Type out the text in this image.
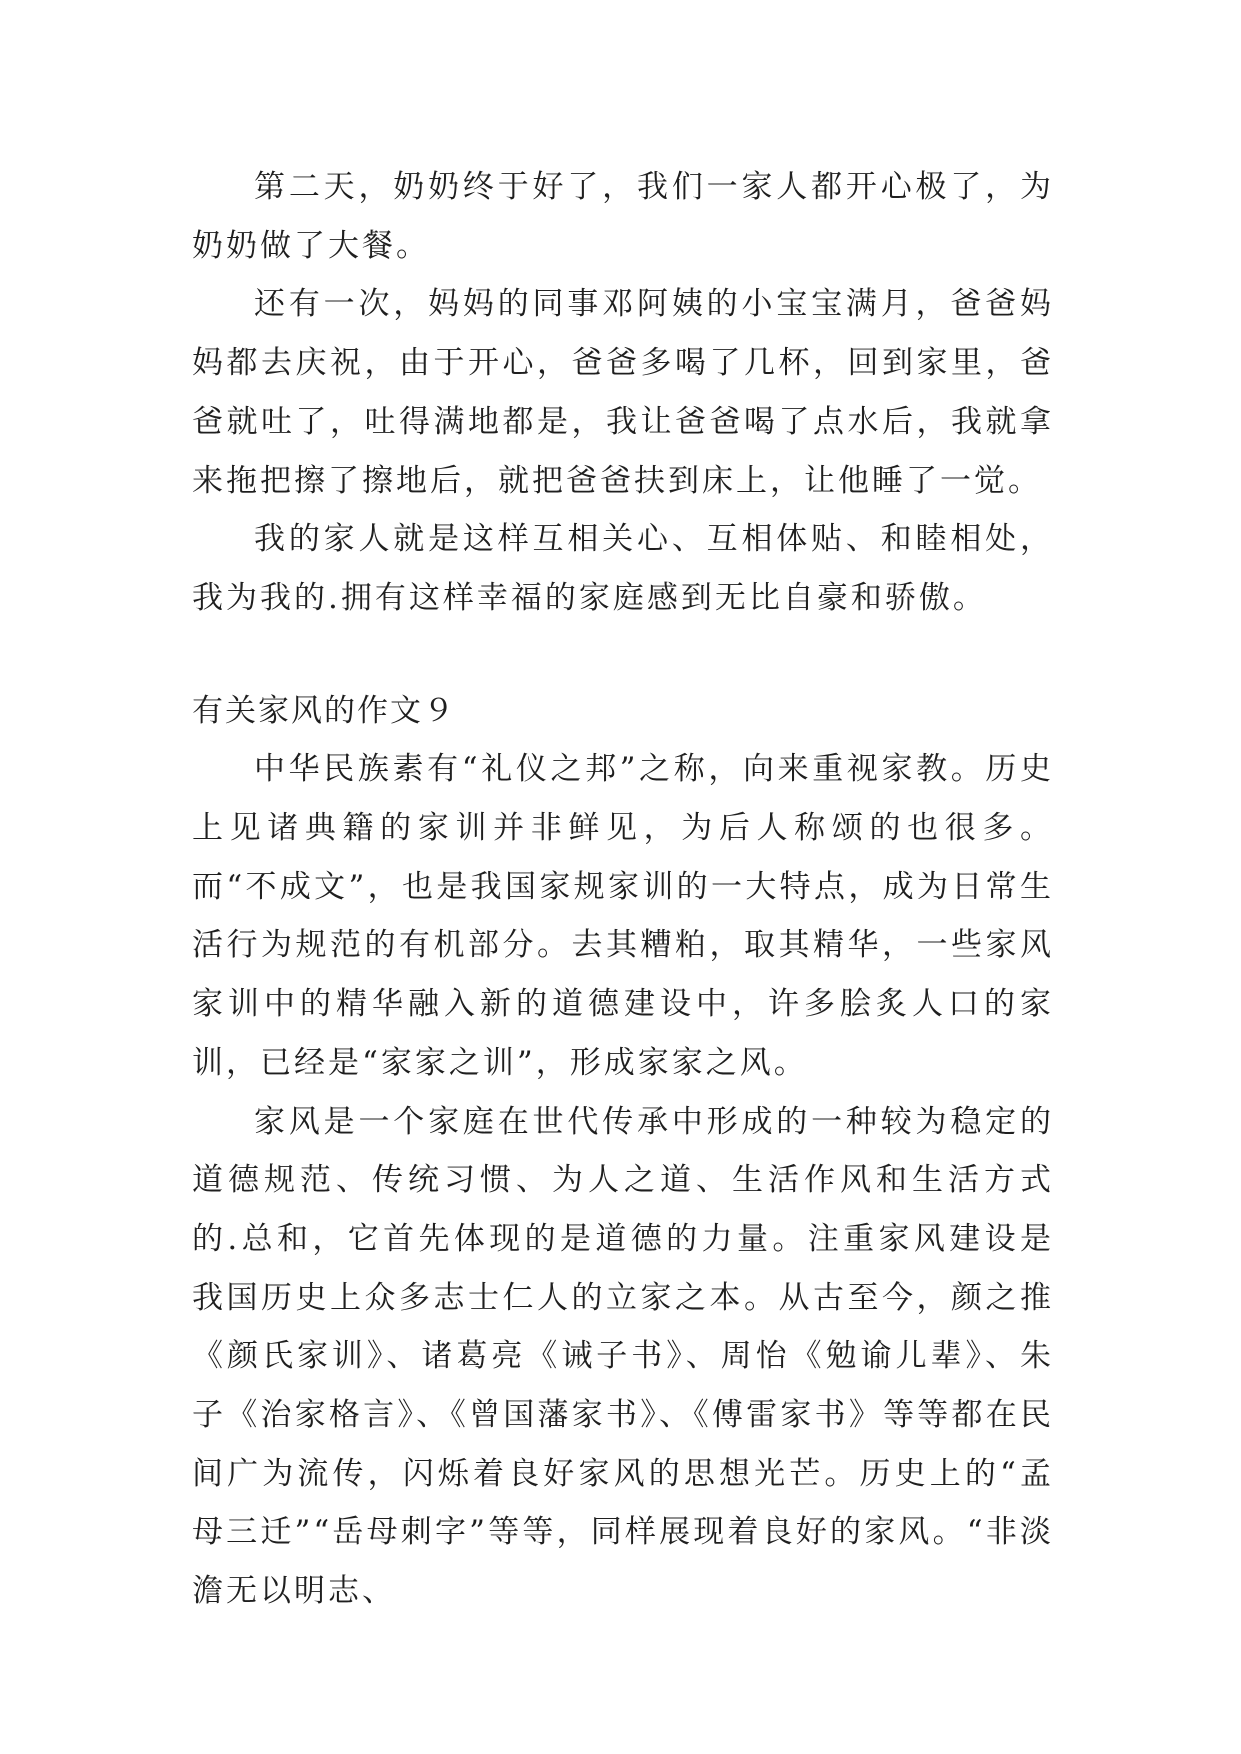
第二天，奶奶终于好了，我们一家人都开心极了，为奶奶做了大餐。

还有一次，妈妈的同事邓阿姨的小宝宝满月，爸爸妈妈都去庆祝，由于开心，爸爸多喝了几杯，回到家里，爸爸就吐了，吐得满地都是，我让爸爸喝了点水后，我就拿来拖把擦了擦地后，就把爸爸扶到床上，让他睡了一觉。

我的家人就是这样互相关心、互相体贴、和睦相处，我为我的.拥有这样幸福的家庭感到无比自豪和骄傲。

有关家风的作文９

中华民族素有“礼仪之邦”之称，向来重视家教。历史上见诸典籍的家训并非鲜见，为后人称颂的也很多。而“不成文”，也是我国家规家训的一大特点，成为日常生活行为规范的有机部分。去其糟粕，取其精华，一些家风家训中的精华融入新的道德建设中，许多脍炙人口的家训，已经是“家家之训”，形成家家之风。

家风是一个家庭在世代传承中形成的一种较为稳定的道德规范、传统习惯、为人之道、生活作风和生活方式的.总和，它首先体现的是道德的力量。注重家风建设是我国历史上众多志士仁人的立家之本。从古至今，颜之推《颜氏家训》、诸葛亮《诫子书》、周怡《勉谕儿辈》、朱子《治家格言》、《曾国藩家书》、《傅雷家书》等等都在民间广为流传，闪烁着良好家风的思想光芒。历史上的“孟母三迁”“岳母刺字”等等，同样展现着良好的家风。“非淡澹无以明志、
